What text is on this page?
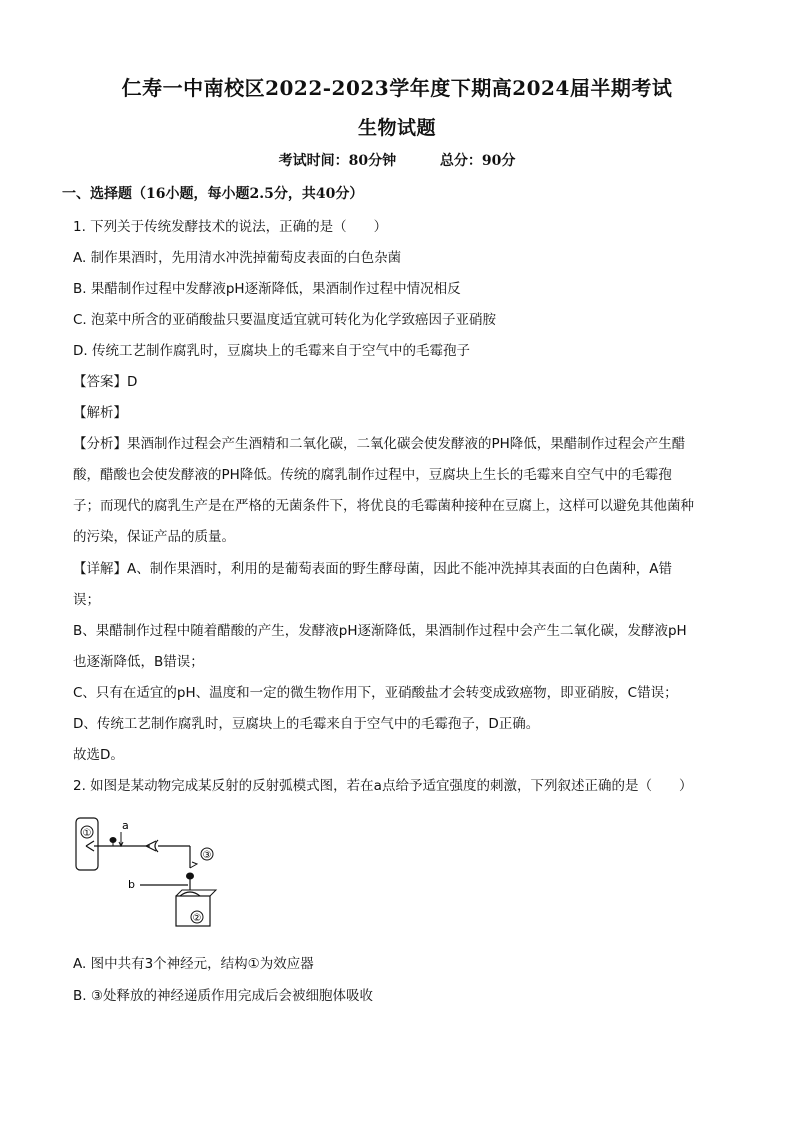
仁寿一中南校区2022-2023学年度下期高2024届半期考试
生物试题
考试时间：80分钟	总分：90分
一、选择题（16小题，每小题2.5分，共40分）
1. 下列关于传统发酵技术的说法，正确的是（　　）
A. 制作果酒时，先用清水冲洗掉葡萄皮表面的白色杂菌
B. 果醋制作过程中发酵液pH逐渐降低，果酒制作过程中情况相反
C. 泡菜中所含的亚硝酸盐只要温度适宜就可转化为化学致癌因子亚硝胺
D. 传统工艺制作腐乳时，豆腐块上的毛霉来自于空气中的毛霉孢子
【答案】D
【解析】
【分析】果酒制作过程会产生酒精和二氧化碳，二氧化碳会使发酵液的PH降低，果醋制作过程会产生醋
酸，醋酸也会使发酵液的PH降低。传统的腐乳制作过程中，豆腐块上生长的毛霉来自空气中的毛霉孢
子；而现代的腐乳生产是在严格的无菌条件下，将优良的毛霉菌种接种在豆腐上，这样可以避免其他菌种
的污染，保证产品的质量。
【详解】A、制作果酒时，利用的是葡萄表面的野生酵母菌，因此不能冲洗掉其表面的白色菌种，A错
误；
B、果醋制作过程中随着醋酸的产生，发酵液pH逐渐降低，果酒制作过程中会产生二氧化碳，发酵液pH
也逐渐降低，B错误；
C、只有在适宜的pH、温度和一定的微生物作用下，亚硝酸盐才会转变成致癌物，即亚硝胺，C错误；
D、传统工艺制作腐乳时，豆腐块上的毛霉来自于空气中的毛霉孢子，D正确。
故选D。
2. 如图是某动物完成某反射的反射弧模式图，若在a点给予适宜强度的刺激，下列叙述正确的是（　　）
①
a
③
b
②
A. 图中共有3个神经元，结构①为效应器
B. ③处释放的神经递质作用完成后会被细胞体吸收
